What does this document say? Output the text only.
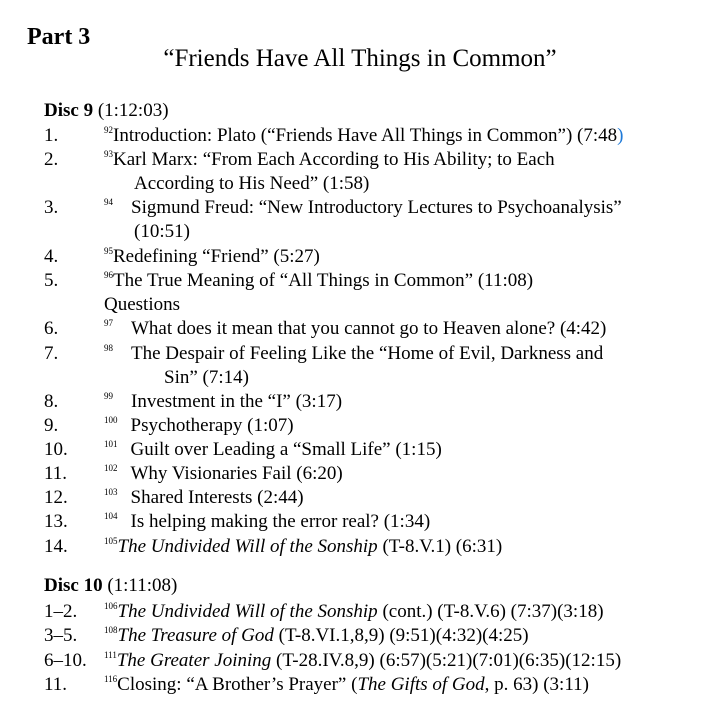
Part 3
“Friends Have All Things in Common”
Disc 9 (1:12:03)
1.	$^{92}$Introduction: Plato (“Friends Have All Things in Common”) (7:48)
2.	$^{93}$Karl Marx: “From Each According to His Ability; to Each
According to His Need” (1:58)
3.	$^{94}$ Sigmund Freud: “New Introductory Lectures to Psychoanalysis”
(10:51)
4.	$^{95}$Redefining “Friend” (5:27)
5.	$^{96}$The True Meaning of “All Things in Common” (11:08)
Questions
6.	$^{97}$ What does it mean that you cannot go to Heaven alone? (4:42)
7.	$^{98}$ The Despair of Feeling Like the “Home of Evil, Darkness and
Sin” (7:14)
8.	$^{99}$ Investment in the “I” (3:17)
9.	$^{100}$ Psychotherapy (1:07)
10.	$^{101}$ Guilt over Leading a “Small Life” (1:15)
11.	$^{102}$ Why Visionaries Fail (6:20)
12.	$^{103}$ Shared Interests (2:44)
13.	$^{104}$ Is helping making the error real? (1:34)
14.	$^{105}$The Undivided Will of the Sonship (T-8.V.1) (6:31)
Disc 10 (1:11:08)
1–2.	$^{106}$The Undivided Will of the Sonship (cont.) (T-8.V.6) (7:37)(3:18)
3–5.	$^{108}$The Treasure of God (T-8.VI.1,8,9) (9:51)(4:32)(4:25)
6–10. $^{111}$The Greater Joining (T-28.IV.8,9) (6:57)(5:21)(7:01)(6:35)(12:15)
11.	$^{116}$Closing: “A Brother’s Prayer” (The Gifts of God, p. 63) (3:11)
